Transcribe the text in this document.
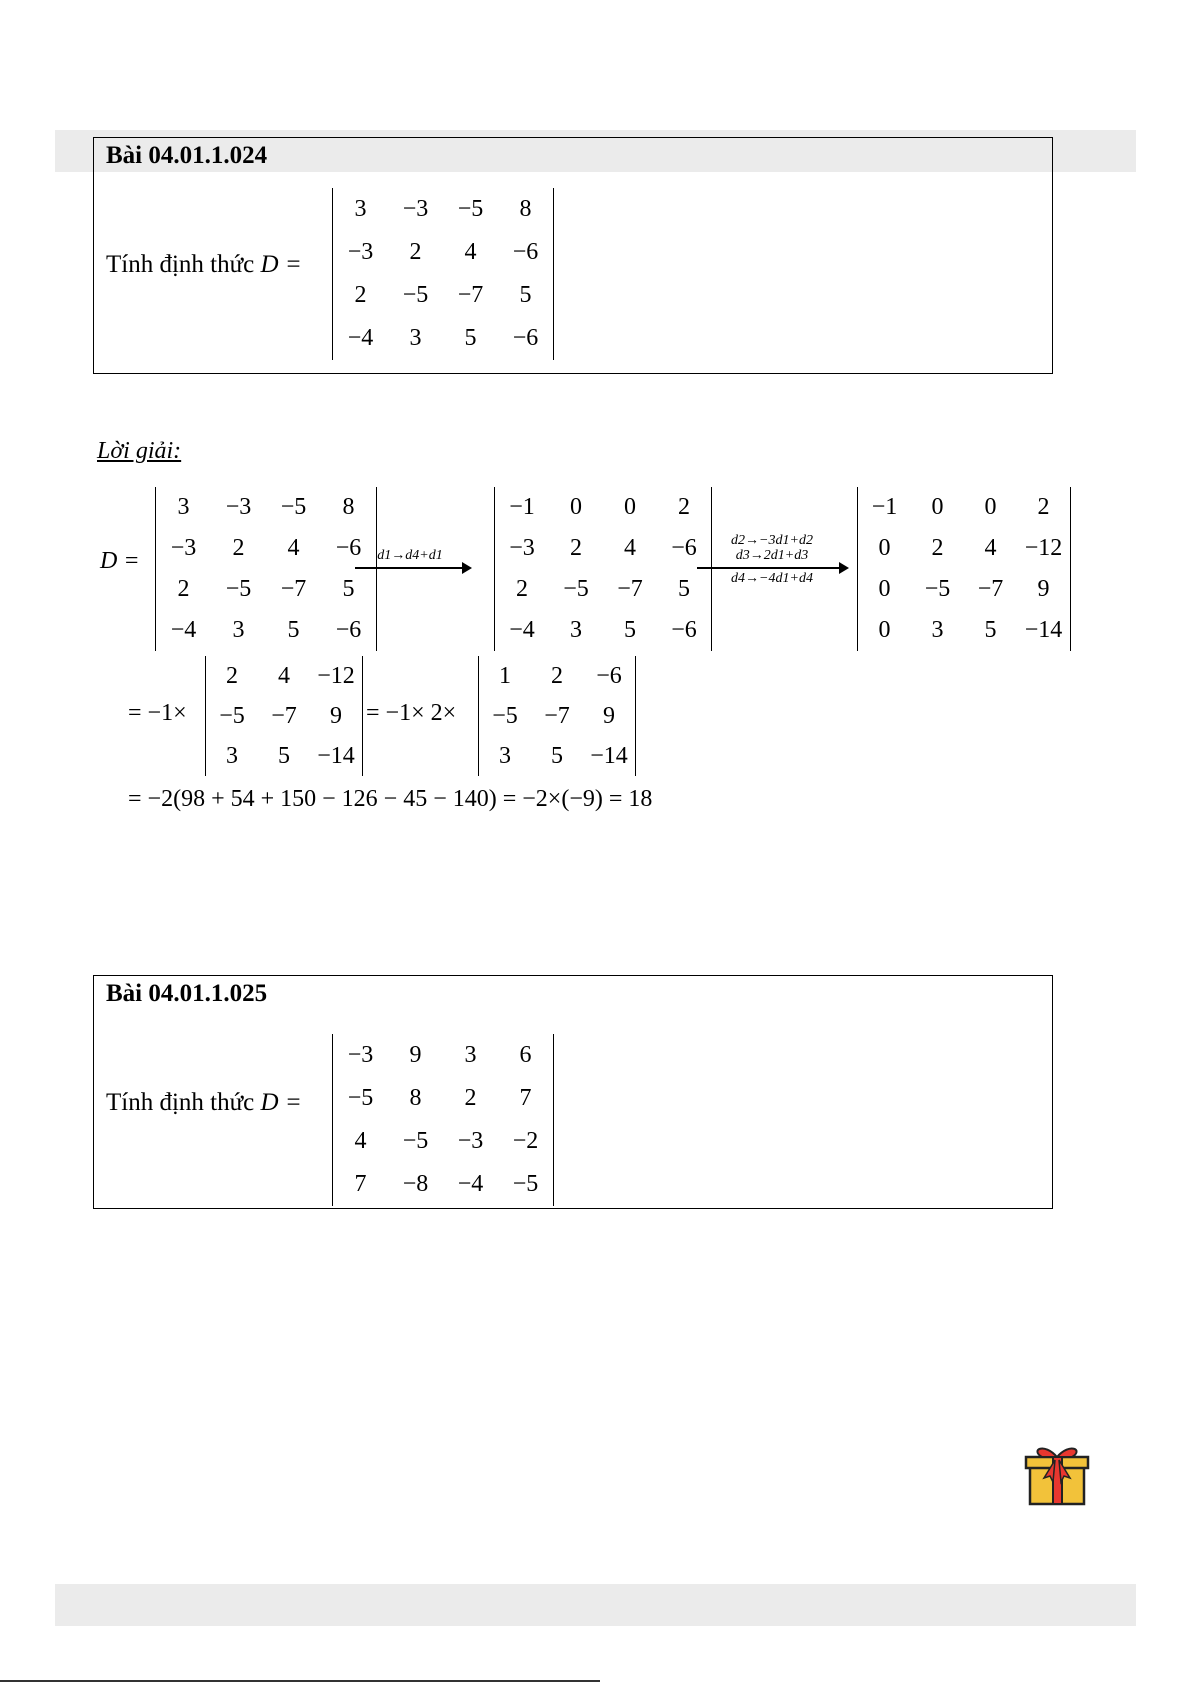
Bài 04.01.1.024
Tính định thức D =
3	−3	−5	8
−3	2	4	−6
2	−5	−7	5
−4	3	5	−6
Lời giải:
D =
3	−3	−5	8
−3	2	4	−6
2	−5	−7	5
−4	3	5	−6
d1→d4+d1
−1	0	0	2
−3	2	4	−6
2	−5	−7	5
−4	3	5	−6
d2→−3d1+d2
d3→2d1+d3
d4→−4d1+d4
−1	0	0	2
0	2	4	−12
0	−5	−7	9
0	3	5	−14
= −1×
2	4	−12
−5	−7	9
3	5	−14
= −1× 2×
1	2	−6
−5	−7	9
3	5	−14
= −2(98 + 54 + 150 − 126 − 45 − 140) = −2×(−9) = 18
Bài 04.01.1.025
Tính định thức D =
−3	9	3	6
−5	8	2	7
4	−5	−3	−2
7	−8	−4	−5
